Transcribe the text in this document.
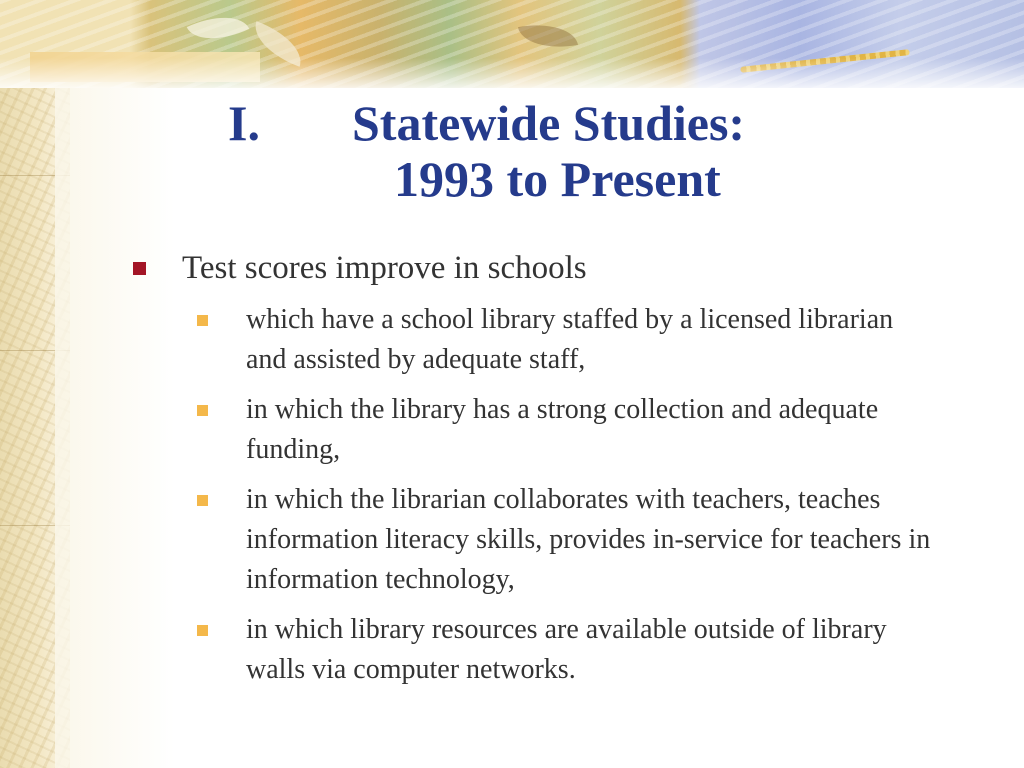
I. Statewide Studies:
1993 to Present
Test scores improve in schools
which have a school library staffed by a licensed librarian and assisted by adequate staff,
in which the library has a strong collection and adequate funding,
in which the librarian collaborates with teachers, teaches information literacy skills, provides in-service for teachers in information technology,
in which library resources are available outside of library walls via computer networks.
